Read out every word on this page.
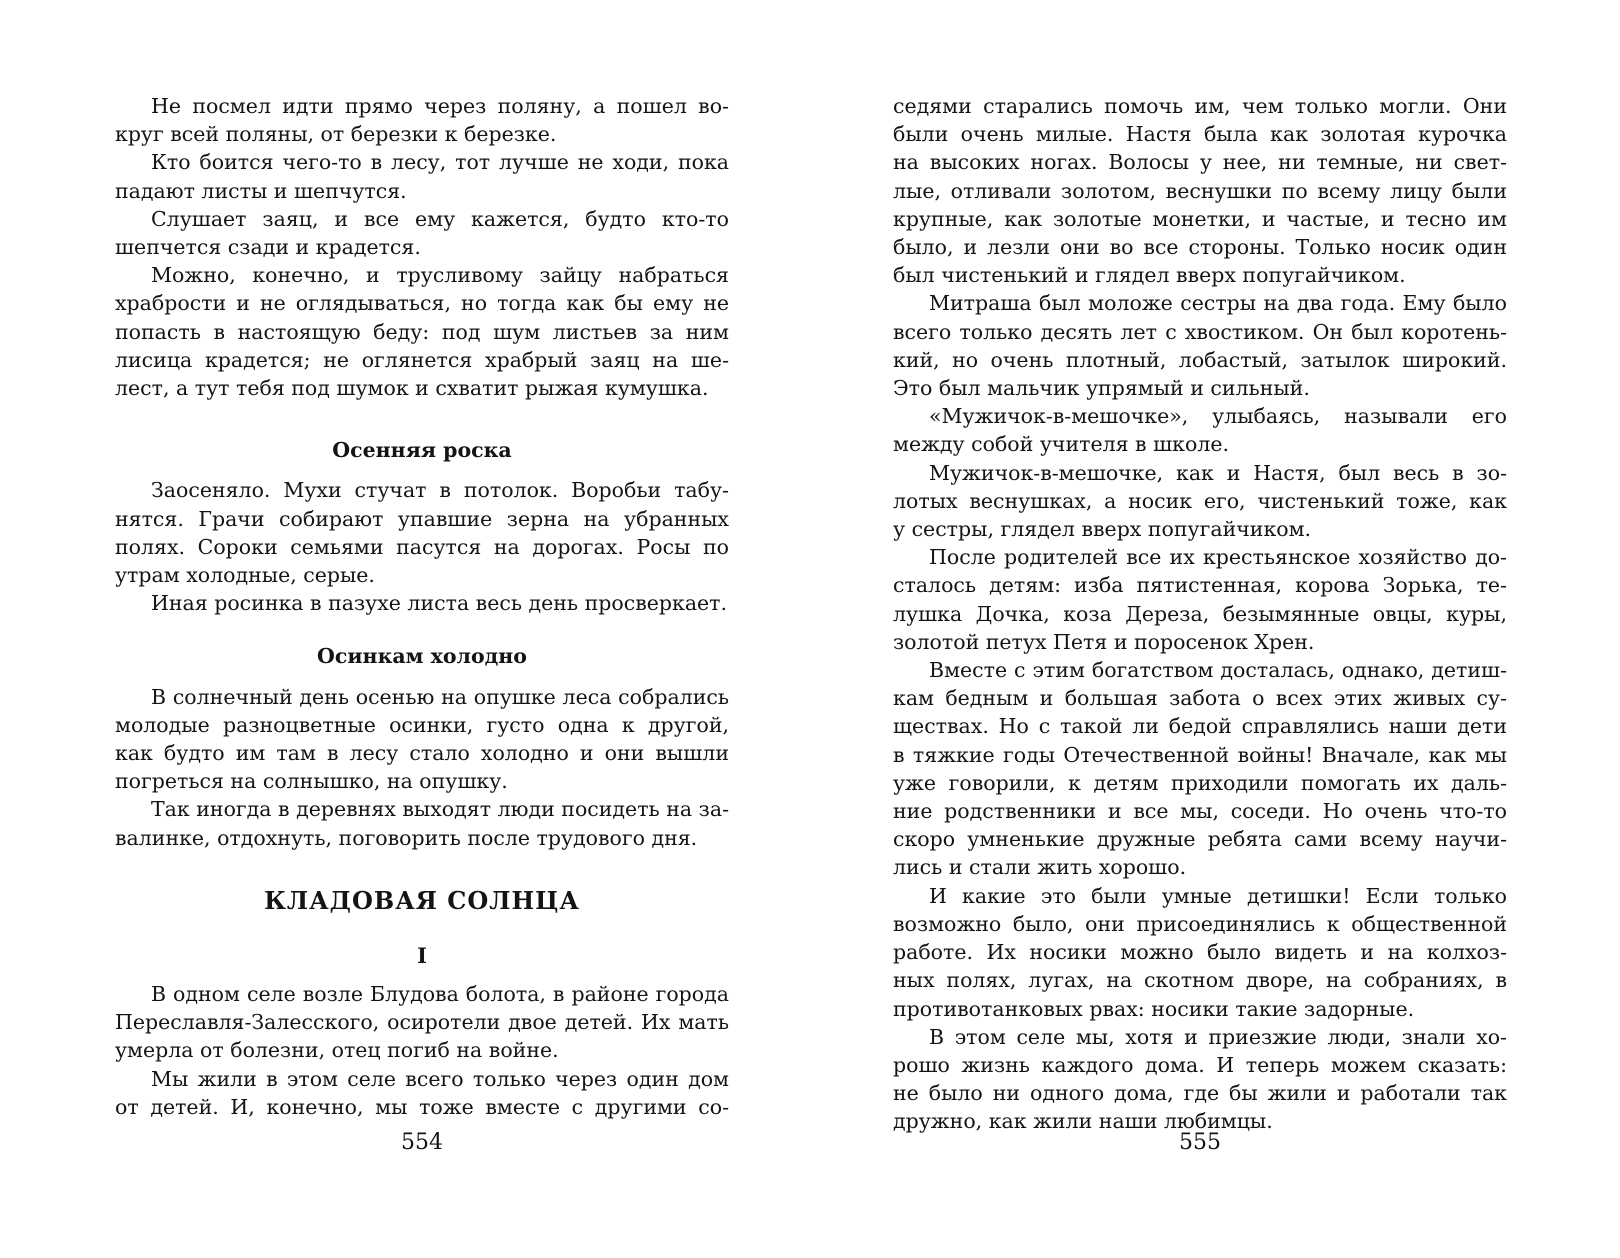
Не посмел идти прямо через поляну, а пошел во-

круг всей поляны, от березки к березке.

Кто боится чего-то в лесу, тот лучше не ходи, пока

падают листы и шепчутся.

Слушает заяц, и все ему кажется, будто кто-то

шепчется сзади и крадется.

Можно, конечно, и трусливому зайцу набраться

храбрости и не оглядываться, но тогда как бы ему не

попасть в настоящую беду: под шум листьев за ним

лисица крадется; не оглянется храбрый заяц на ше-

лест, а тут тебя под шумок и схватит рыжая кумушка.

Осенняя роска

Заосеняло. Мухи стучат в потолок. Воробьи табу-

нятся. Грачи собирают упавшие зерна на убранных

полях. Сороки семьями пасутся на дорогах. Росы по

утрам холодные, серые.

Иная росинка в пазухе листа весь день просверкает.

Осинкам холодно

В солнечный день осенью на опушке леса собрались

молодые разноцветные осинки, густо одна к другой,

как будто им там в лесу стало холодно и они вышли

погреться на солнышко, на опушку.

Так иногда в деревнях выходят люди посидеть на за-

валинке, отдохнуть, поговорить после трудового дня.

КЛАДОВАЯ СОЛНЦА
I

В одном селе возле Блудова болота, в районе города

Переславля-Залесского, осиротели двое детей. Их мать

умерла от болезни, отец погиб на войне.

Мы жили в этом селе всего только через один дом

от детей. И, конечно, мы тоже вместе с другими со-

554

седями старались помочь им, чем только могли. Они

были очень милые. Настя была как золотая курочка

на высоких ногах. Волосы у нее, ни темные, ни свет-

лые, отливали золотом, веснушки по всему лицу были

крупные, как золотые монетки, и частые, и тесно им

было, и лезли они во все стороны. Только носик один

был чистенький и глядел вверх попугайчиком.

Митраша был моложе сестры на два года. Ему было

всего только десять лет с хвостиком. Он был коротень-

кий, но очень плотный, лобастый, затылок широкий.

Это был мальчик упрямый и сильный.

«Мужичок-в-мешочке», улыбаясь, называли его

между собой учителя в школе.

Мужичок-в-мешочке, как и Настя, был весь в зо-

лотых веснушках, а носик его, чистенький тоже, как

у сестры, глядел вверх попугайчиком.

После родителей все их крестьянское хозяйство до-

сталось детям: изба пятистенная, корова Зорька, те-

лушка Дочка, коза Дереза, безымянные овцы, куры,

золотой петух Петя и поросенок Хрен.

Вместе с этим богатством досталась, однако, детиш-

кам бедным и большая забота о всех этих живых су-

ществах. Но с такой ли бедой справлялись наши дети

в тяжкие годы Отечественной войны! Вначале, как мы

уже говорили, к детям приходили помогать их даль-

ние родственники и все мы, соседи. Но очень что-то

скоро умненькие дружные ребята сами всему научи-

лись и стали жить хорошо.

И какие это были умные детишки! Если только

возможно было, они присоединялись к общественной

работе. Их носики можно было видеть и на колхоз-

ных полях, лугах, на скотном дворе, на собраниях, в

противотанковых рвах: носики такие задорные.

В этом селе мы, хотя и приезжие люди, знали хо-

рошо жизнь каждого дома. И теперь можем сказать:

не было ни одного дома, где бы жили и работали так

дружно, как жили наши любимцы.

555
